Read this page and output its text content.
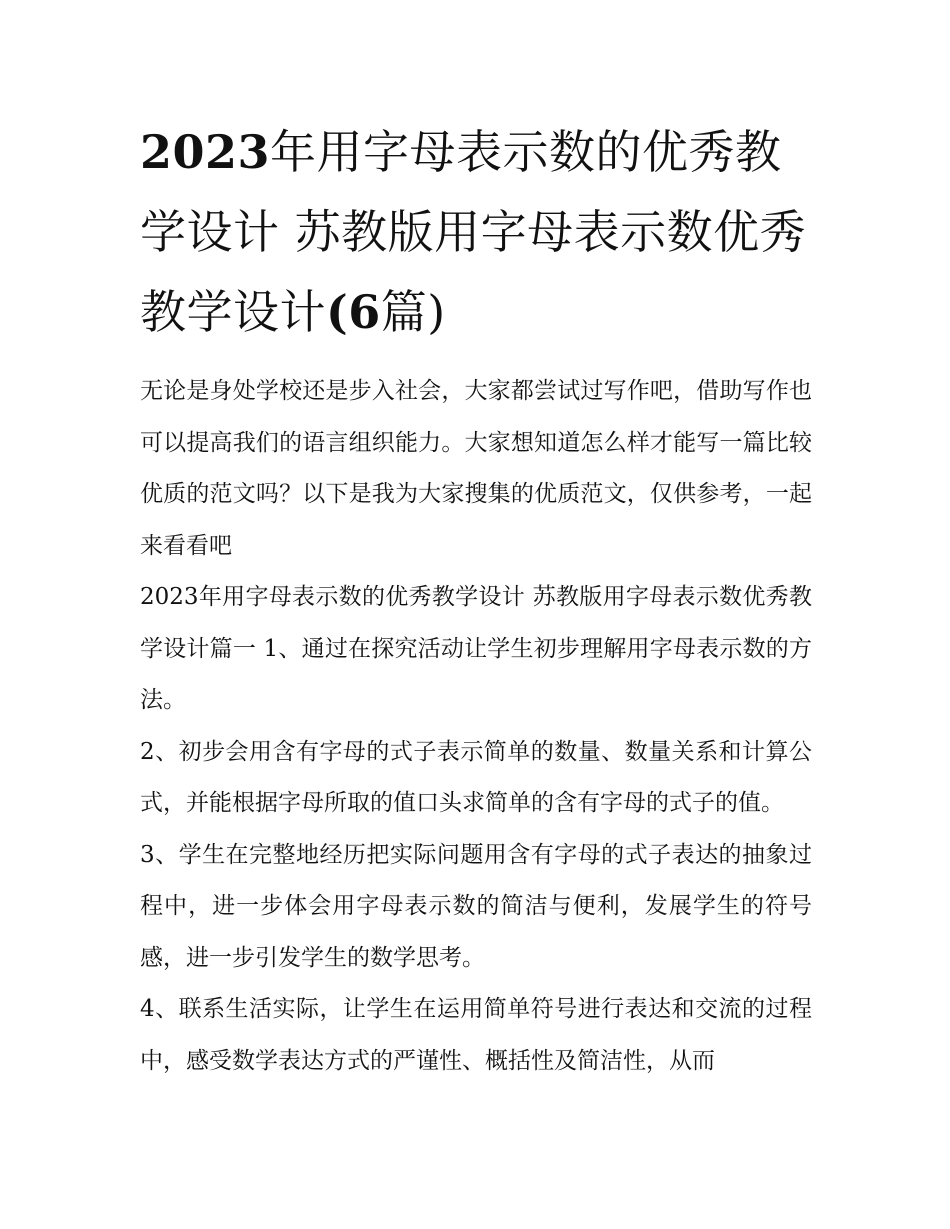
2023年用字母表示数的优秀教学设计 苏教版用字母表示数优秀教学设计(6篇)

无论是身处学校还是步入社会，大家都尝试过写作吧，借助写作也可以提高我们的语言组织能力。大家想知道怎么样才能写一篇比较优质的范文吗？以下是我为大家搜集的优质范文，仅供参考，一起来看看吧

2023年用字母表示数的优秀教学设计 苏教版用字母表示数优秀教学设计篇一 1、通过在探究活动让学生初步理解用字母表示数的方法。

2、初步会用含有字母的式子表示简单的数量、数量关系和计算公式，并能根据字母所取的值口头求简单的含有字母的式子的值。

3、学生在完整地经历把实际问题用含有字母的式子表达的抽象过程中，进一步体会用字母表示数的简洁与便利，发展学生的符号感，进一步引发学生的数学思考。

4、联系生活实际，让学生在运用简单符号进行表达和交流的过程中，感受数学表达方式的严谨性、概括性及简洁性，从而
